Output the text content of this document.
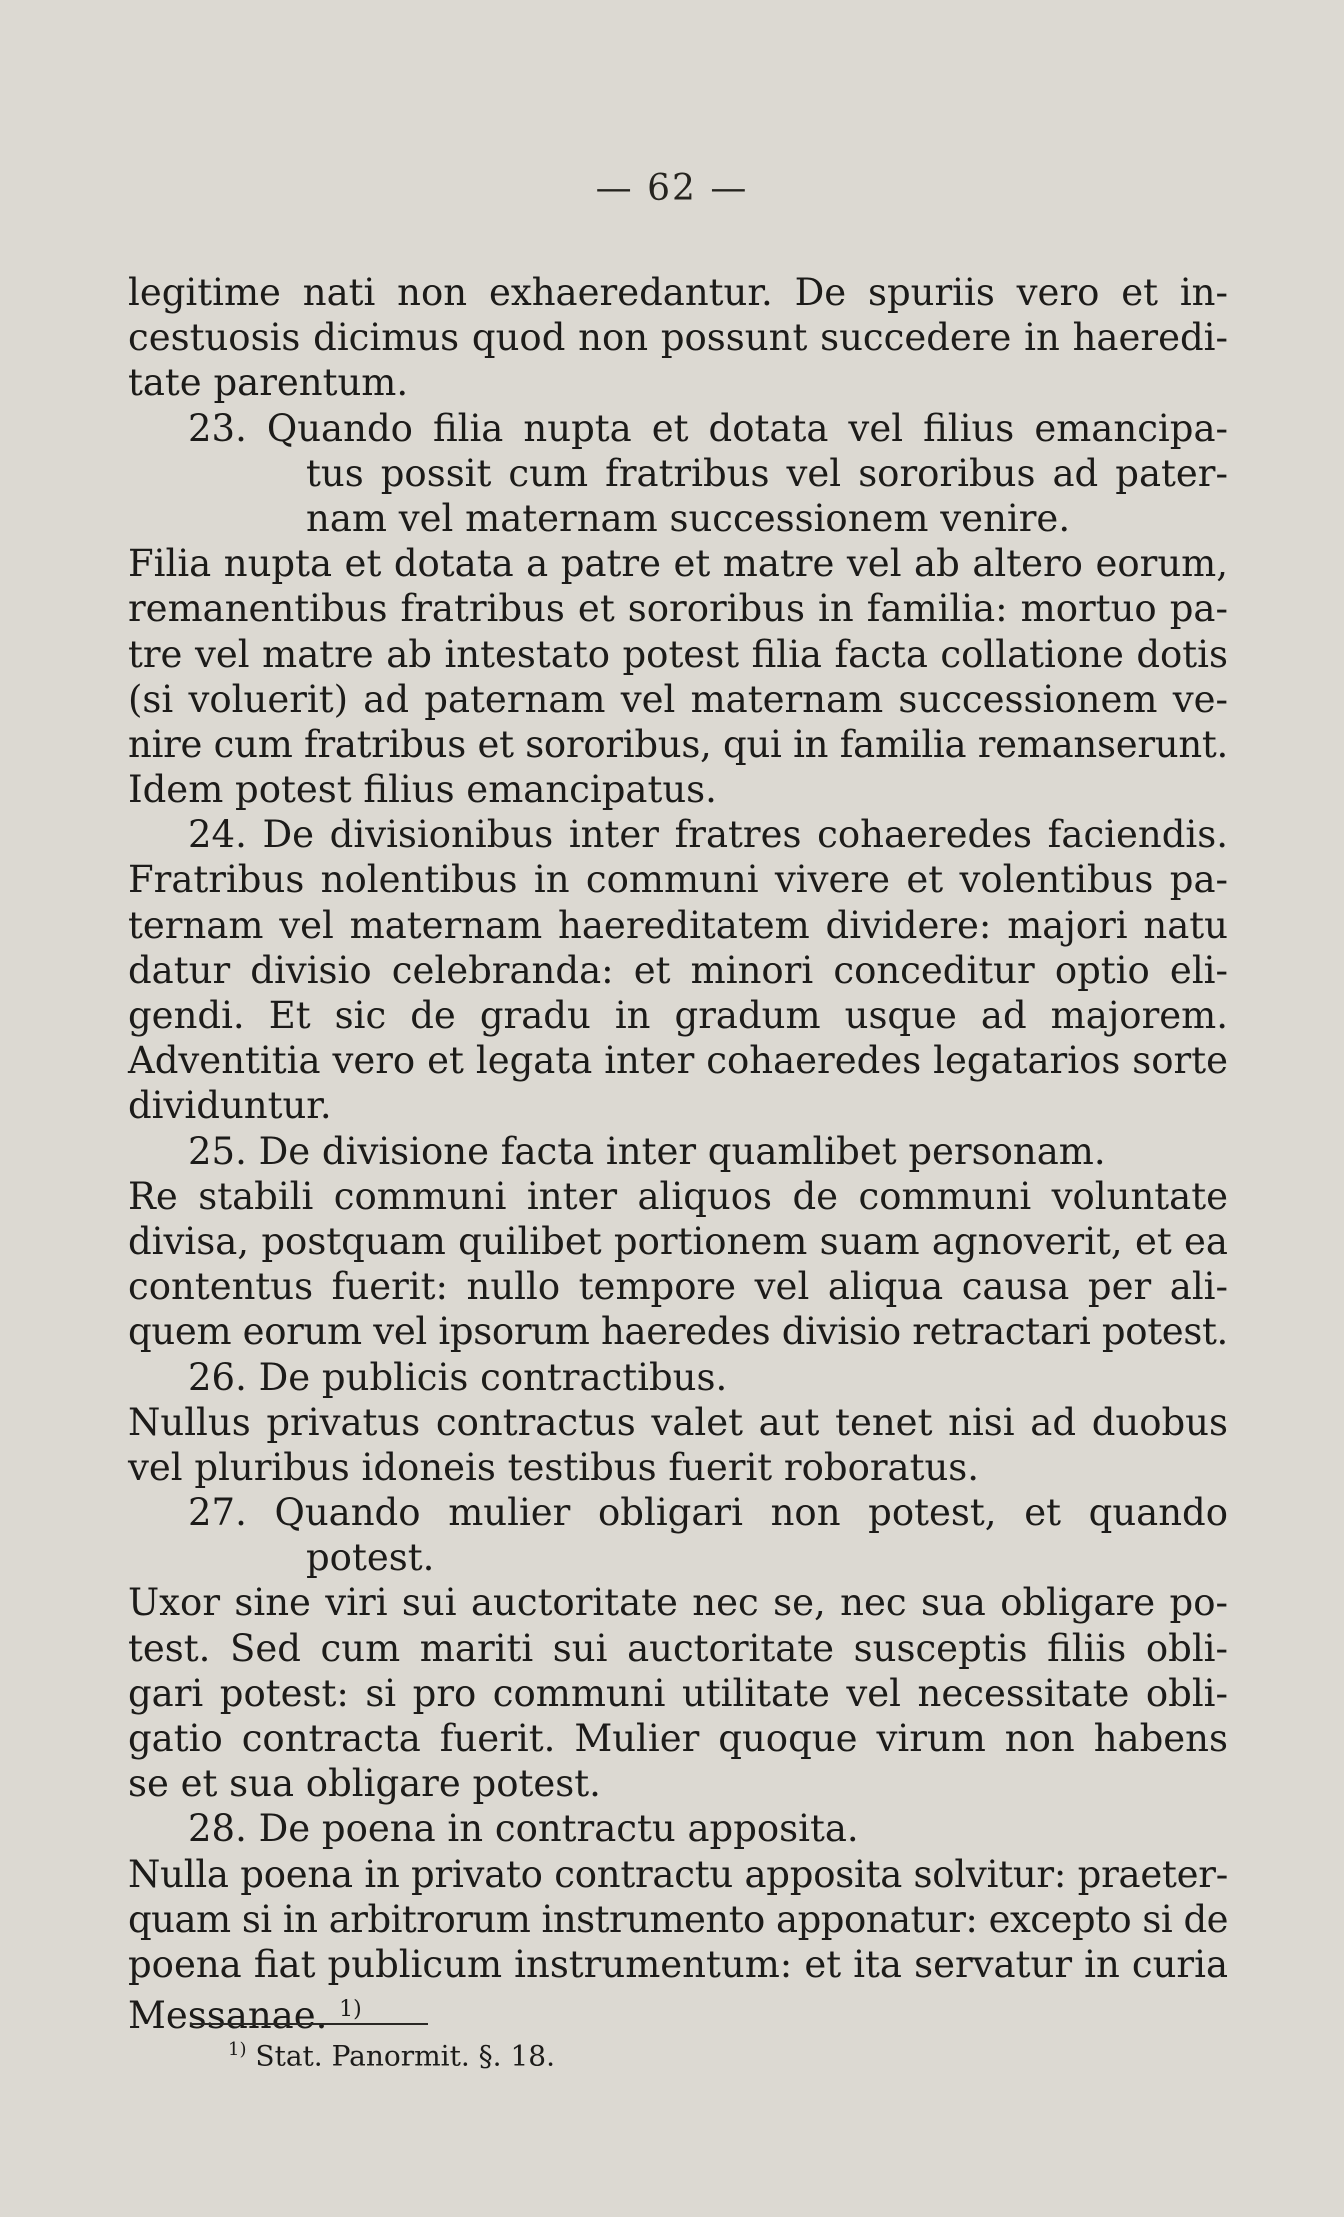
— 62 —
legitime nati non exhaeredantur. De spuriis vero et in-
cestuosis dicimus quod non possunt succedere in haeredi-
tate parentum.
23. Quando filia nupta et dotata vel filius emancipa-
tus possit cum fratribus vel sororibus ad pater-
nam vel maternam successionem venire.
Filia nupta et dotata a patre et matre vel ab altero eorum,
remanentibus fratribus et sororibus in familia: mortuo pa-
tre vel matre ab intestato potest filia facta collatione dotis
(si voluerit) ad paternam vel maternam successionem ve-
nire cum fratribus et sororibus, qui in familia remanserunt.
Idem potest filius emancipatus.
24. De divisionibus inter fratres cohaeredes faciendis.
Fratribus nolentibus in communi vivere et volentibus pa-
ternam vel maternam haereditatem dividere: majori natu
datur divisio celebranda: et minori conceditur optio eli-
gendi. Et sic de gradu in gradum usque ad majorem.
Adventitia vero et legata inter cohaeredes legatarios sorte
dividuntur.
25. De divisione facta inter quamlibet personam.
Re stabili communi inter aliquos de communi voluntate
divisa, postquam quilibet portionem suam agnoverit, et ea
contentus fuerit: nullo tempore vel aliqua causa per ali-
quem eorum vel ipsorum haeredes divisio retractari potest.
26. De publicis contractibus.
Nullus privatus contractus valet aut tenet nisi ad duobus
vel pluribus idoneis testibus fuerit roboratus.
27. Quando mulier obligari non potest, et quando
potest.
Uxor sine viri sui auctoritate nec se, nec sua obligare po-
test. Sed cum mariti sui auctoritate susceptis filiis obli-
gari potest: si pro communi utilitate vel necessitate obli-
gatio contracta fuerit. Mulier quoque virum non habens
se et sua obligare potest.
28. De poena in contractu apposita.
Nulla poena in privato contractu apposita solvitur: praeter-
quam si in arbitrorum instrumento apponatur: excepto si de
poena fiat publicum instrumentum: et ita servatur in curia
Messanae. $^{1)}$
$^{1)}$ Stat. Panormit. §. 18.
